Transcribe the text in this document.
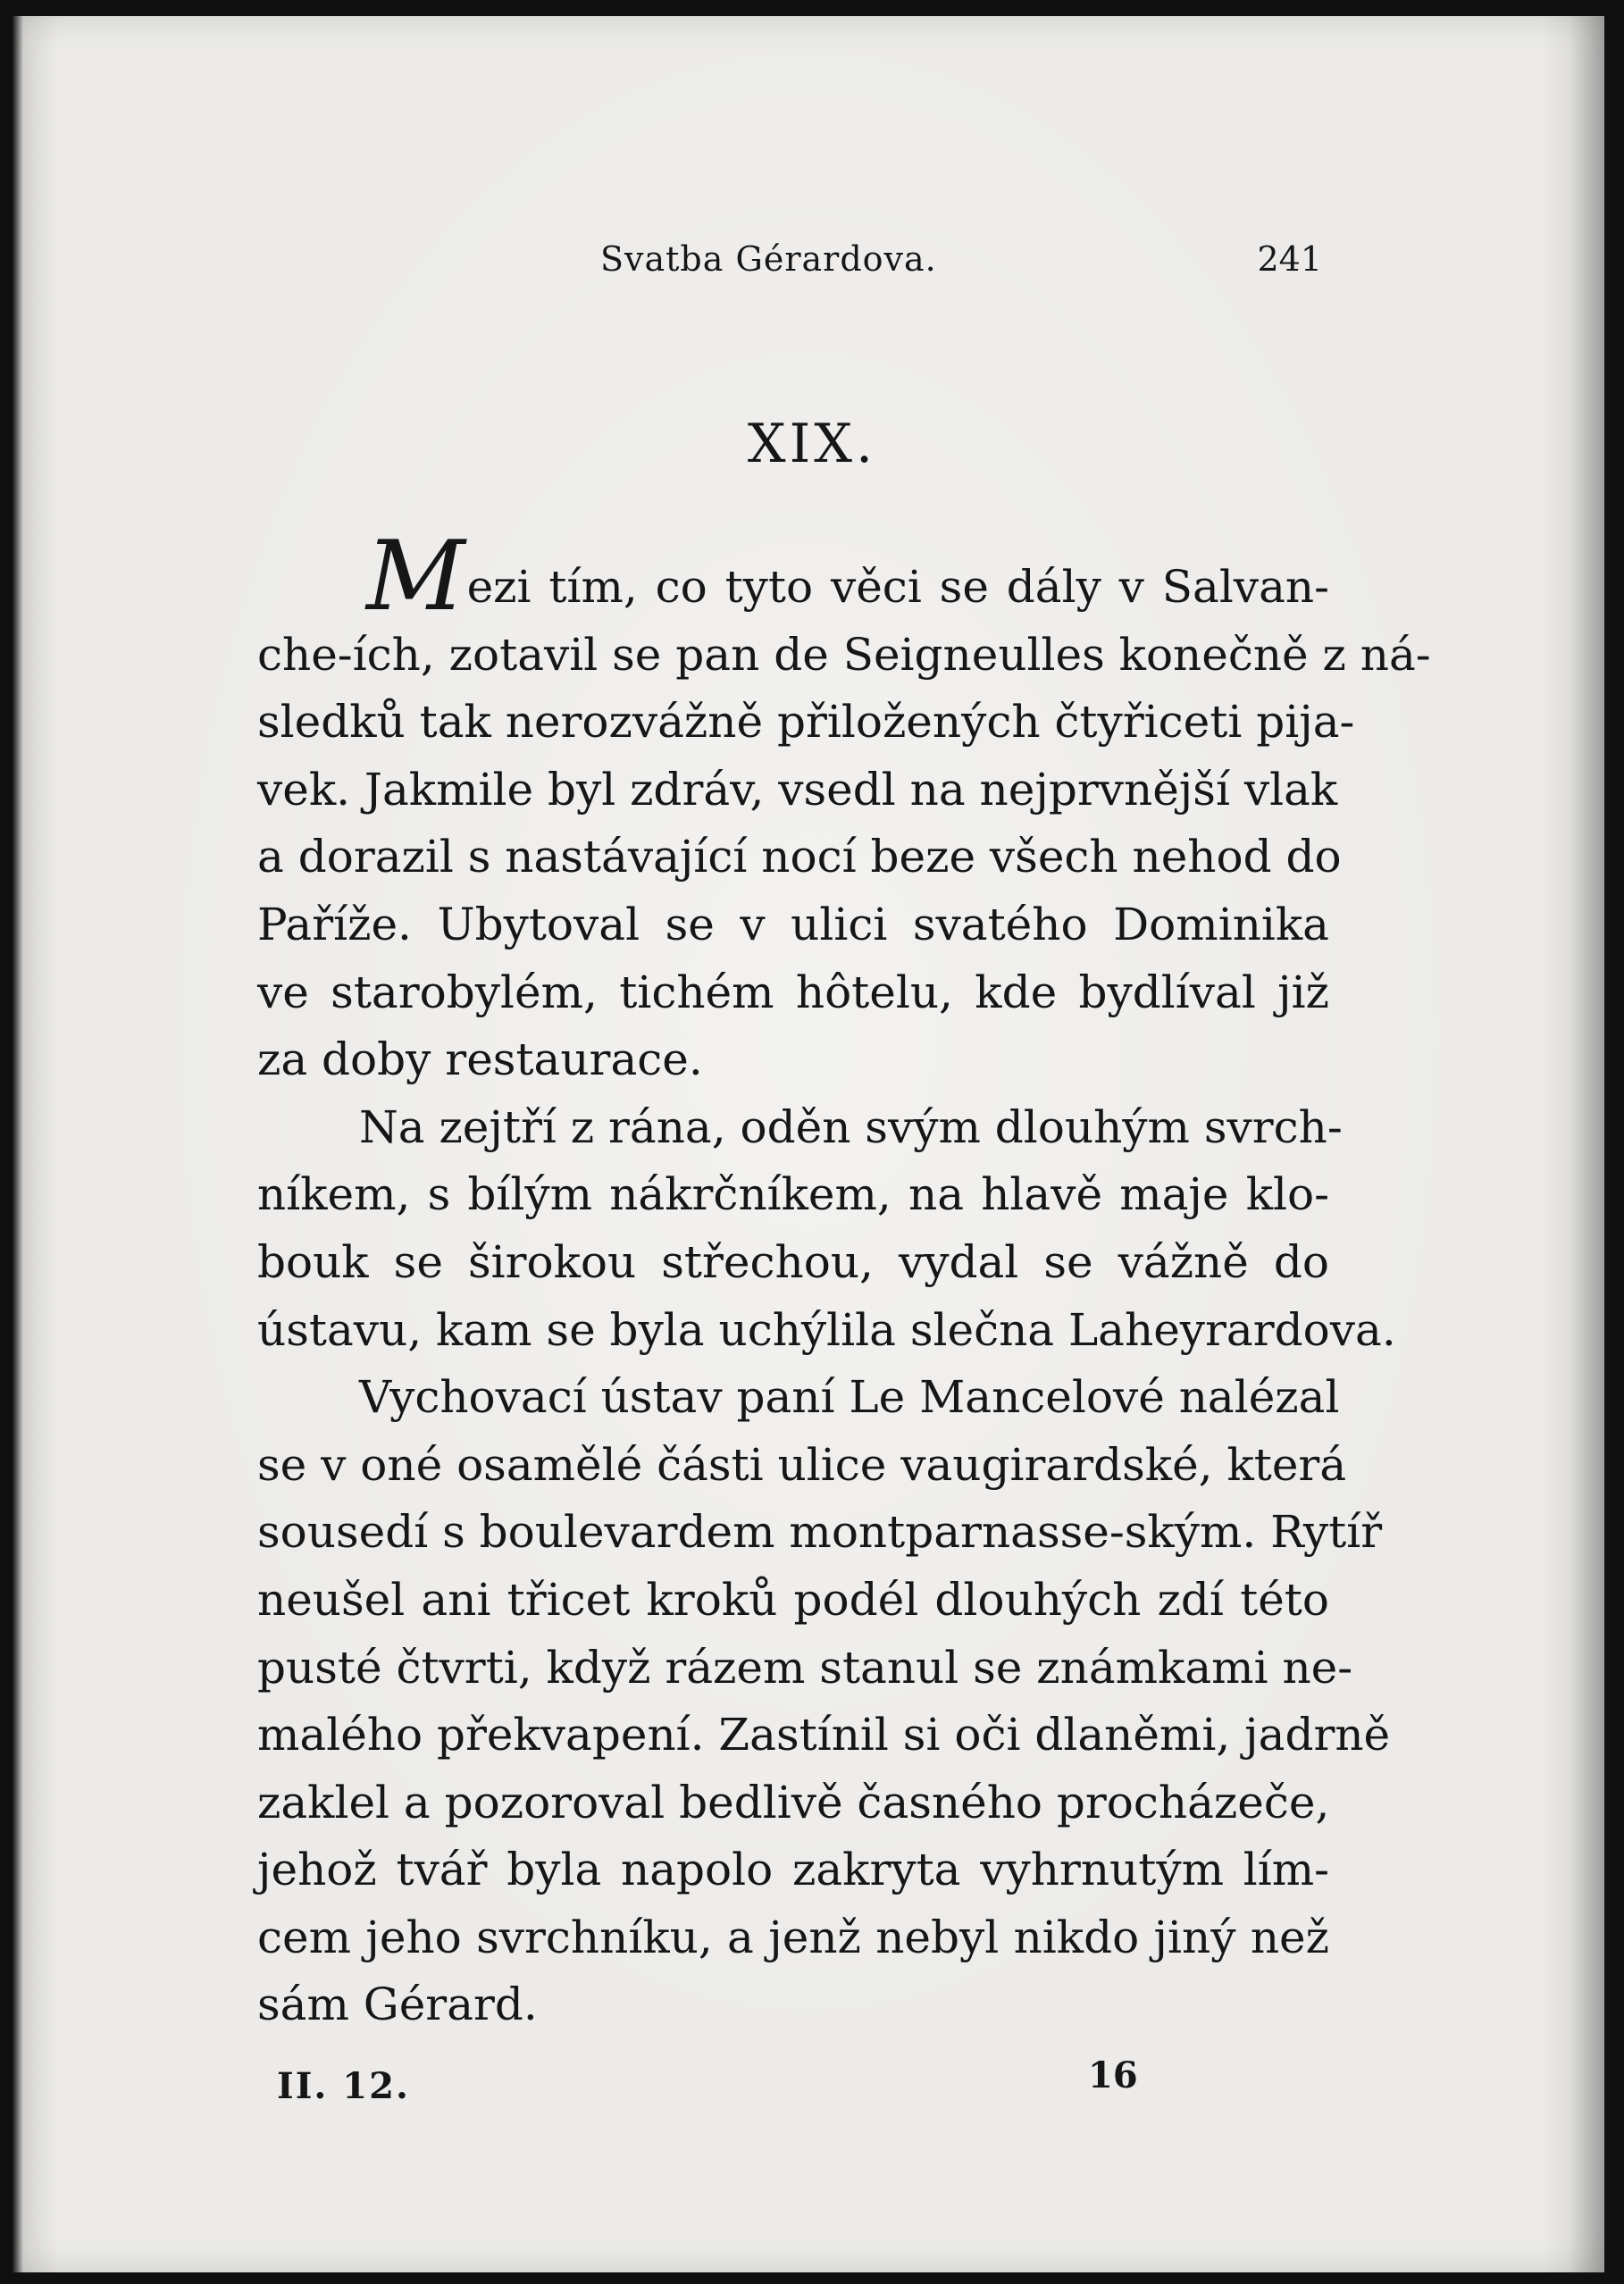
Svatba Gérardova.	241
XIX.
Mezi tím, co tyto věci se dály v Salvan-
che-ích, zotavil se pan de Seigneulles konečně z ná-
sledků tak nerozvážně přiložených čtyřiceti pija-
vek. Jakmile byl zdráv, vsedl na nejprvnější vlak
a dorazil s nastávající nocí beze všech nehod do
Paříže. Ubytoval se v ulici svatého Dominika
ve starobylém, tichém hôtelu, kde bydlíval již
za doby restaurace.
Na zejtří z rána, oděn svým dlouhým svrch-
níkem, s bílým nákrčníkem, na hlavě maje klo-
bouk se širokou střechou, vydal se vážně do
ústavu, kam se byla uchýlila slečna Laheyrardova.
Vychovací ústav paní Le Mancelové nalézal
se v oné osamělé části ulice vaugirardské, která
sousedí s boulevardem montparnasse-ským. Rytíř
neušel ani třicet kroků podél dlouhých zdí této
pusté čtvrti, když rázem stanul se známkami ne-
malého překvapení. Zastínil si oči dlaněmi, jadrně
zaklel a pozoroval bedlivě časného procházeče,
jehož tvář byla napolo zakryta vyhrnutým lím-
cem jeho svrchníku, a jenž nebyl nikdo jiný než
sám Gérard.
II. 12.	16
